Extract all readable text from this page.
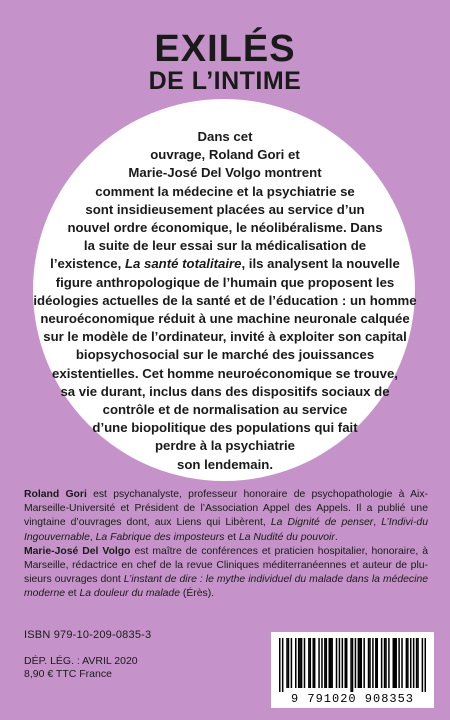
EXILÉS
DE L’INTIME
Dans cet
ouvrage, Roland Gori et
Marie-José Del Volgo montrent
comment la médecine et la psychiatrie se
sont insidieusement placées au service d’un
nouvel ordre économique, le néolibéralisme. Dans
la suite de leur essai sur la médicalisation de
l’existence, La santé totalitaire, ils analysent la nouvelle
figure anthropologique de l’humain que proposent les
idéologies actuelles de la santé et de l’éducation : un homme
neuroéconomique réduit à une machine neuronale calquée
sur le modèle de l’ordinateur, invité à exploiter son capital
biopsychosocial sur le marché des jouissances
existentielles. Cet homme neuroéconomique se trouve,
sa vie durant, inclus dans des dispositifs sociaux de
contrôle et de normalisation au service
d’une biopolitique des populations qui fait
perdre à la psychiatrie
son lendemain.

Roland Gori est psychanalyste, professeur honoraire de psychopathologie à Aix-Marseille-Université et Président de l’Association Appel des Appels. Il a publié une vingtaine d’ouvrages dont, aux Liens qui Libèrent, La Dignité de penser, L’Indivi-du Ingouvernable, La Fabrique des imposteurs et La Nudité du pouvoir.

Marie-José Del Volgo est maître de conférences et praticien hospitalier, honoraire, à Marseille, rédactrice en chef de la revue Cliniques méditerranéennes et auteur de plu-sieurs ouvrages dont L’instant de dire : le mythe individuel du malade dans la médecine moderne et La douleur du malade (Érès).

ISBN 979-10-209-0835-3
DÉP. LÉG. : AVRIL 2020
8,90 € TTC France
9 791020 908353
